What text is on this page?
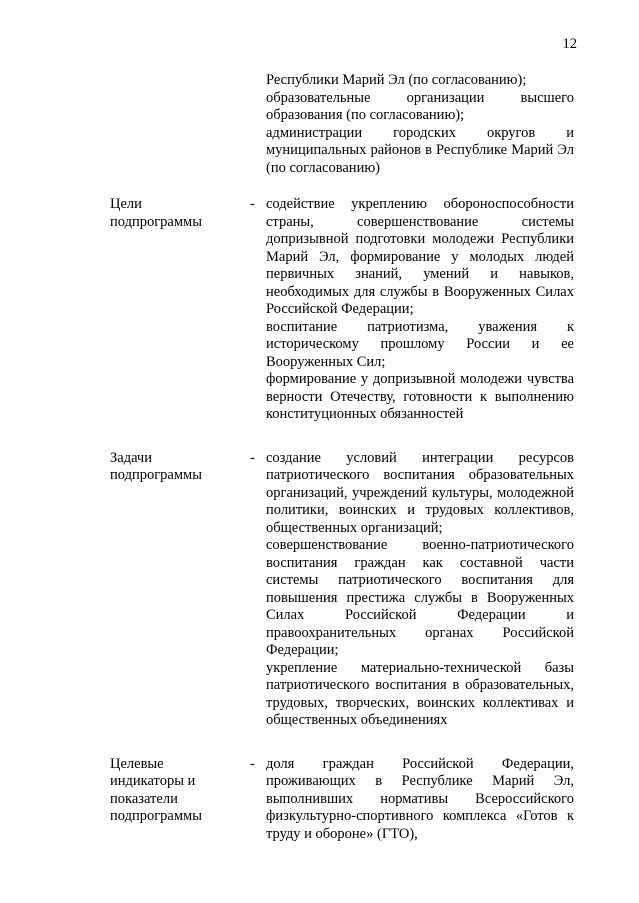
12

Республики Марий Эл (по согласованию);

образовательные организации высшего образования (по согласованию);

администрации городских округов и муниципальных районов в Республике Марий Эл (по согласованию)

Цели подпрограммы
- содействие укреплению обороноспособности страны, совершенствование системы допризывной подготовки молодежи Республики Марий Эл, формирование у молодых людей первичных знаний, умений и навыков, необходимых для службы в Вооруженных Силах Российской Федерации;

воспитание патриотизма, уважения к историческому прошлому России и ее Вооруженных Сил;

формирование у допризывной молодежи чувства верности Отечеству, готовности к выполнению конституционных обязанностей

Задачи подпрограммы
- создание условий интеграции ресурсов патриотического воспитания образовательных организаций, учреждений культуры, молодежной политики, воинских и трудовых коллективов, общественных организаций;

совершенствование военно-патриотического воспитания граждан как составной части системы патриотического воспитания для повышения престижа службы в Вооруженных Силах Российской Федерации и правоохранительных органах Российской Федерации;

укрепление материально-технической базы патриотического воспитания в образовательных, трудовых, творческих, воинских коллективах и общественных объединениях

Целевые индикаторы и показатели подпрограммы
- доля граждан Российской Федерации, проживающих в Республике Марий Эл, выполнивших нормативы Всероссийского физкультурно-спортивного комплекса «Готов к труду и обороне» (ГТО),
